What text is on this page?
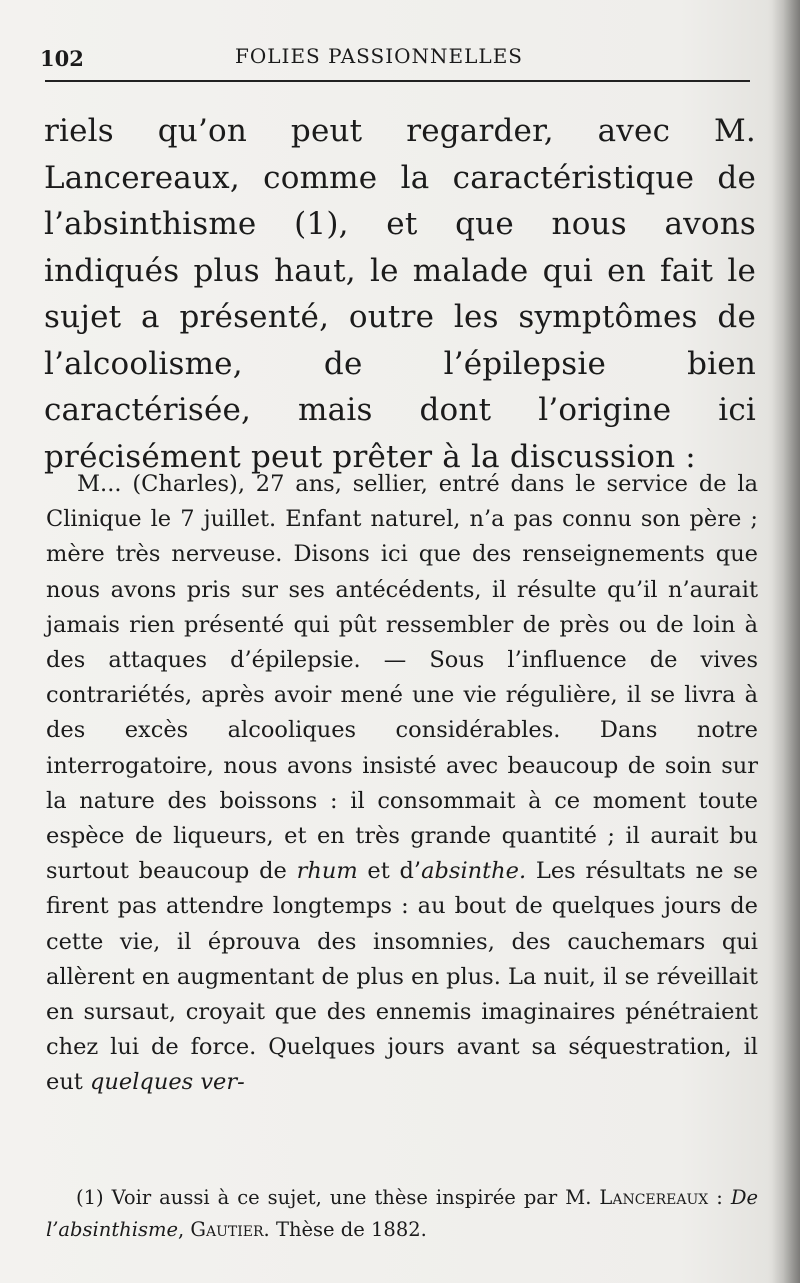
102	FOLIES PASSIONNELLES

riels qu’on peut regarder, avec M. Lancereaux, comme la caractéristique de l’absinthisme (1), et que nous avons indiqués plus haut, le malade qui en fait le sujet a présenté, outre les symptômes de l’alcoolisme, de l’épilepsie bien caractérisée, mais dont l’origine ici précisément peut prêter à la discussion :

M... (Charles), 27 ans, sellier, entré dans le service de la Clinique le 7 juillet. Enfant naturel, n’a pas connu son père ; mère très nerveuse. Disons ici que des renseignements que nous avons pris sur ses antécédents, il résulte qu’il n’aurait jamais rien présenté qui pût ressembler de près ou de loin à des attaques d’épilepsie. — Sous l’influence de vives contrariétés, après avoir mené une vie régulière, il se livra à des excès alcooliques considérables. Dans notre interrogatoire, nous avons insisté avec beaucoup de soin sur la nature des boissons : il consommait à ce moment toute espèce de liqueurs, et en très grande quantité ; il aurait bu surtout beaucoup de rhum et d’absinthe. Les résultats ne se firent pas attendre longtemps : au bout de quelques jours de cette vie, il éprouva des insomnies, des cauchemars qui allèrent en augmentant de plus en plus. La nuit, il se réveillait en sursaut, croyait que des ennemis imaginaires pénétraient chez lui de force. Quelques jours avant sa séquestration, il eut quelques ver-

(1) Voir aussi à ce sujet, une thèse inspirée par M. Lancereaux : De l’absinthisme, Gautier. Thèse de 1882.
